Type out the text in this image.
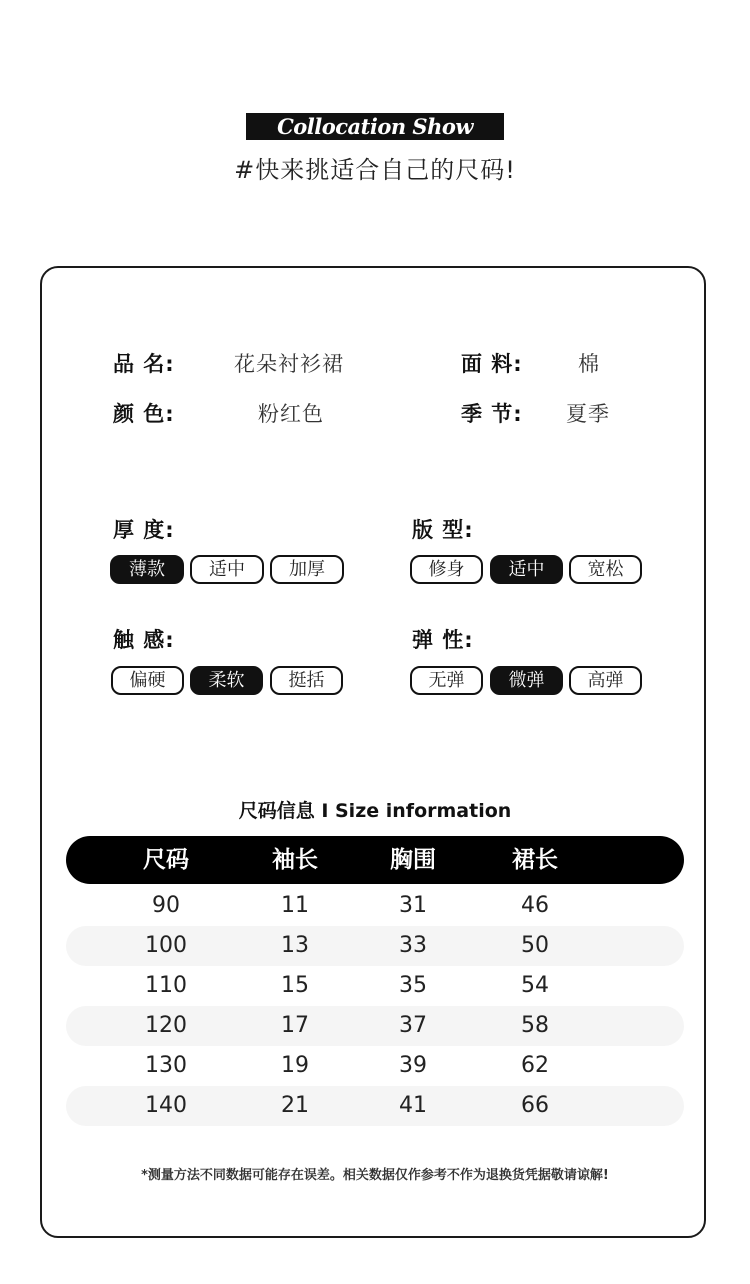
Collocation Show
#快来挑适合自己的尺码!
品 名:	花朵衬衫裙	面 料:	棉
颜 色:	粉红色	季 节: 夏季
厚 度:
薄款	适中	加厚
版 型:
修身	适中	宽松
触 感:
偏硬	柔软	挺括
弹 性:
无弹	微弹	高弹
尺码信息 I Size information
尺码	袖长	胸围	裙长
90	11	31	46
100	13	33	50
110	15	35	54
120	17	37	58
130	19	39	62
140	21	41	66
*测量方法不同数据可能存在误差。相关数据仅作参考不作为退换货凭据敬请谅解!
